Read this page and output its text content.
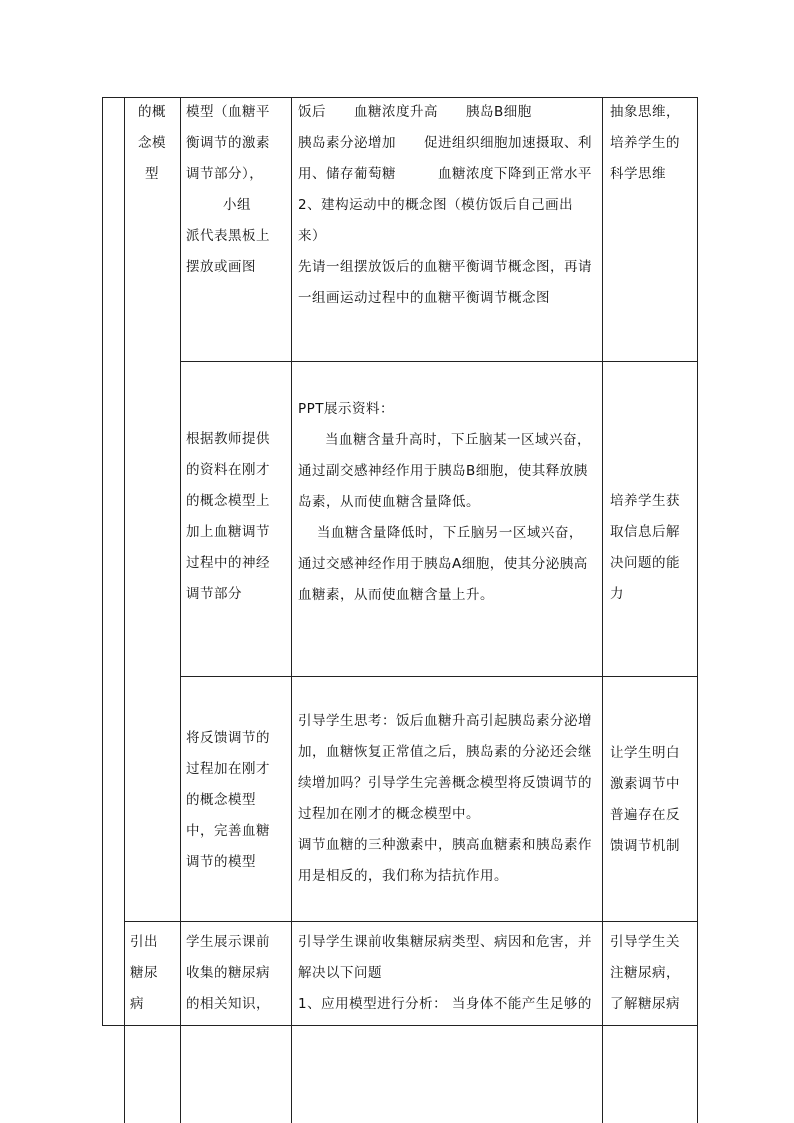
的概

念模

型

模型（血糖平

衡调节的激素

调节部分），

小组

派代表黑板上

摆放或画图

饭后　　血糖浓度升高　　胰岛B细胞

胰岛素分泌增加　　促进组织细胞加速摄取、利

用、储存葡萄糖　　　血糖浓度下降到正常水平

2、建构运动中的概念图（模仿饭后自己画出

来）

先请一组摆放饭后的血糖平衡调节概念图，再请

一组画运动过程中的血糖平衡调节概念图

抽象思维，

培养学生的

科学思维

根据教师提供

的资料在刚才

的概念模型上

加上血糖调节

过程中的神经

调节部分

PPT展示资料：

当血糖含量升高时，下丘脑某一区域兴奋，

通过副交感神经作用于胰岛B细胞，使其释放胰

岛素，从而使血糖含量降低。

当血糖含量降低时，下丘脑另一区域兴奋，

通过交感神经作用于胰岛A细胞，使其分泌胰高

血糖素，从而使血糖含量上升。

培养学生获

取信息后解

决问题的能

力

将反馈调节的

过程加在刚才

的概念模型

中，完善血糖

调节的模型

引导学生思考：饭后血糖升高引起胰岛素分泌增

加，血糖恢复正常值之后，胰岛素的分泌还会继

续增加吗？引导学生完善概念模型将反馈调节的

过程加在刚才的概念模型中。

调节血糖的三种激素中，胰高血糖素和胰岛素作

用是相反的，我们称为拮抗作用。

让学生明白

激素调节中

普遍存在反

馈调节机制

引出

糖尿

病

学生展示课前

收集的糖尿病

的相关知识，

引导学生课前收集糖尿病类型、病因和危害，并

解决以下问题

1、应用模型进行分析： 当身体不能产生足够的

引导学生关

注糖尿病，

了解糖尿病
